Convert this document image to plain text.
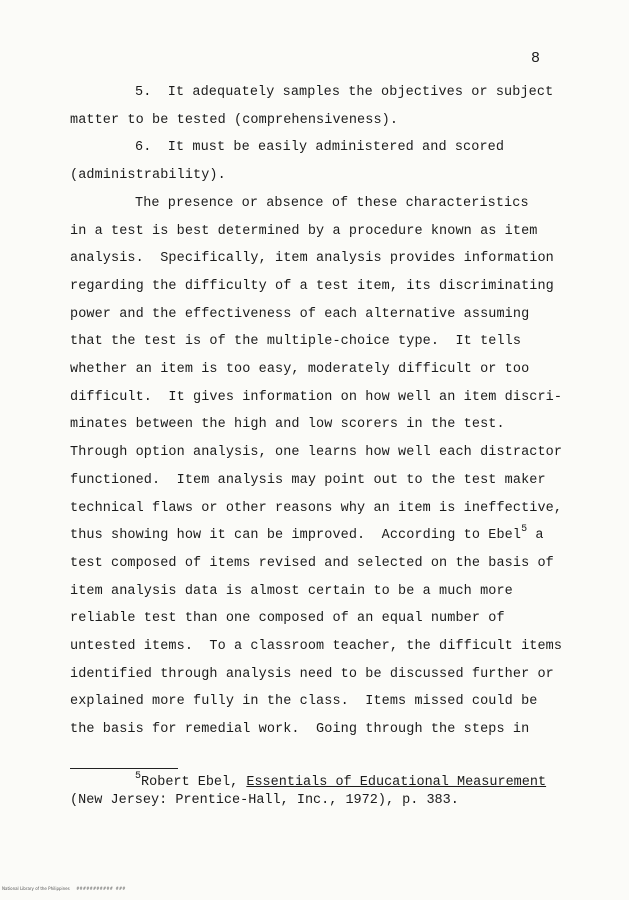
8
5.  It adequately samples the objectives or subject
matter to be tested (comprehensiveness).
6.  It must be easily administered and scored
(administrability).
The presence or absence of these characteristics
in a test is best determined by a procedure known as item
analysis.  Specifically, item analysis provides information
regarding the difficulty of a test item, its discriminating
power and the effectiveness of each alternative assuming
that the test is of the multiple-choice type.  It tells
whether an item is too easy, moderately difficult or too
difficult.  It gives information on how well an item discri-
minates between the high and low scorers in the test.
Through option analysis, one learns how well each distractor
functioned.  Item analysis may point out to the test maker
technical flaws or other reasons why an item is ineffective,
thus showing how it can be improved.  According to Ebel$^5$ a
test composed of items revised and selected on the basis of
item analysis data is almost certain to be a much more
reliable test than one composed of an equal number of
untested items.  To a classroom teacher, the difficult items
identified through analysis need to be discussed further or
explained more fully in the class.  Items missed could be
the basis for remedial work.  Going through the steps in
$^5$Robert Ebel, Essentials of Educational Measurement
(New Jersey: Prentice-Hall, Inc., 1972), p. 383.
National Library of the Philippines     ###########  ###
